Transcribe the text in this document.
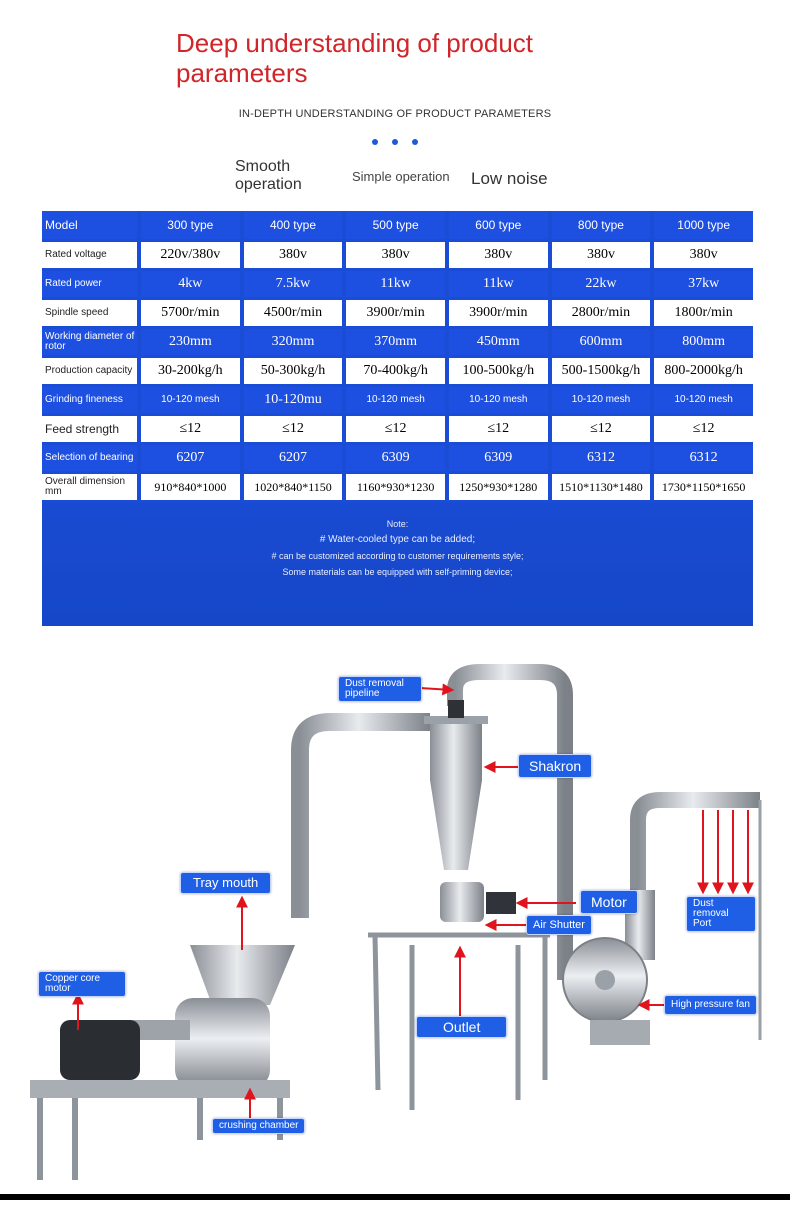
Deep understanding of product parameters
IN-DEPTH UNDERSTANDING OF PRODUCT PARAMETERS
Smooth operation	Simple operation Low noise
Model	300 type	400 type	500 type	600 type	800 type	1000 type
Rated voltage	220v/380v	380v	380v	380v	380v	380v
Rated power	4kw	7.5kw	11kw	11kw	22kw	37kw
Spindle speed	5700r/min	4500r/min	3900r/min	3900r/min	2800r/min	1800r/min
Working diameter of rotor	230mm	320mm	370mm	450mm	600mm	800mm
Production capacity	30-200kg/h	50-300kg/h	70-400kg/h	100-500kg/h	500-1500kg/h	800-2000kg/h
Grinding fineness	10-120 mesh	10-120mu	10-120 mesh	10-120 mesh	10-120 mesh	10-120 mesh
Feed strength	≤12	≤12	≤12	≤12	≤12	≤12
Selection of bearing	6207	6207	6309	6309	6312	6312
Overall dimension mm	910*840*1000	1020*840*1150	1160*930*1230	1250*930*1280	1510*1130*1480	1730*1150*1650
Note:
# Water-cooled type can be added;
# can be customized according to customer requirements style;
Some materials can be equipped with self-priming device;
Dust removal pipeline
Shakron
Tray mouth
Motor
Air Shutter
Dust removal Port
Copper core motor
Outlet
High pressure fan
crushing chamber
